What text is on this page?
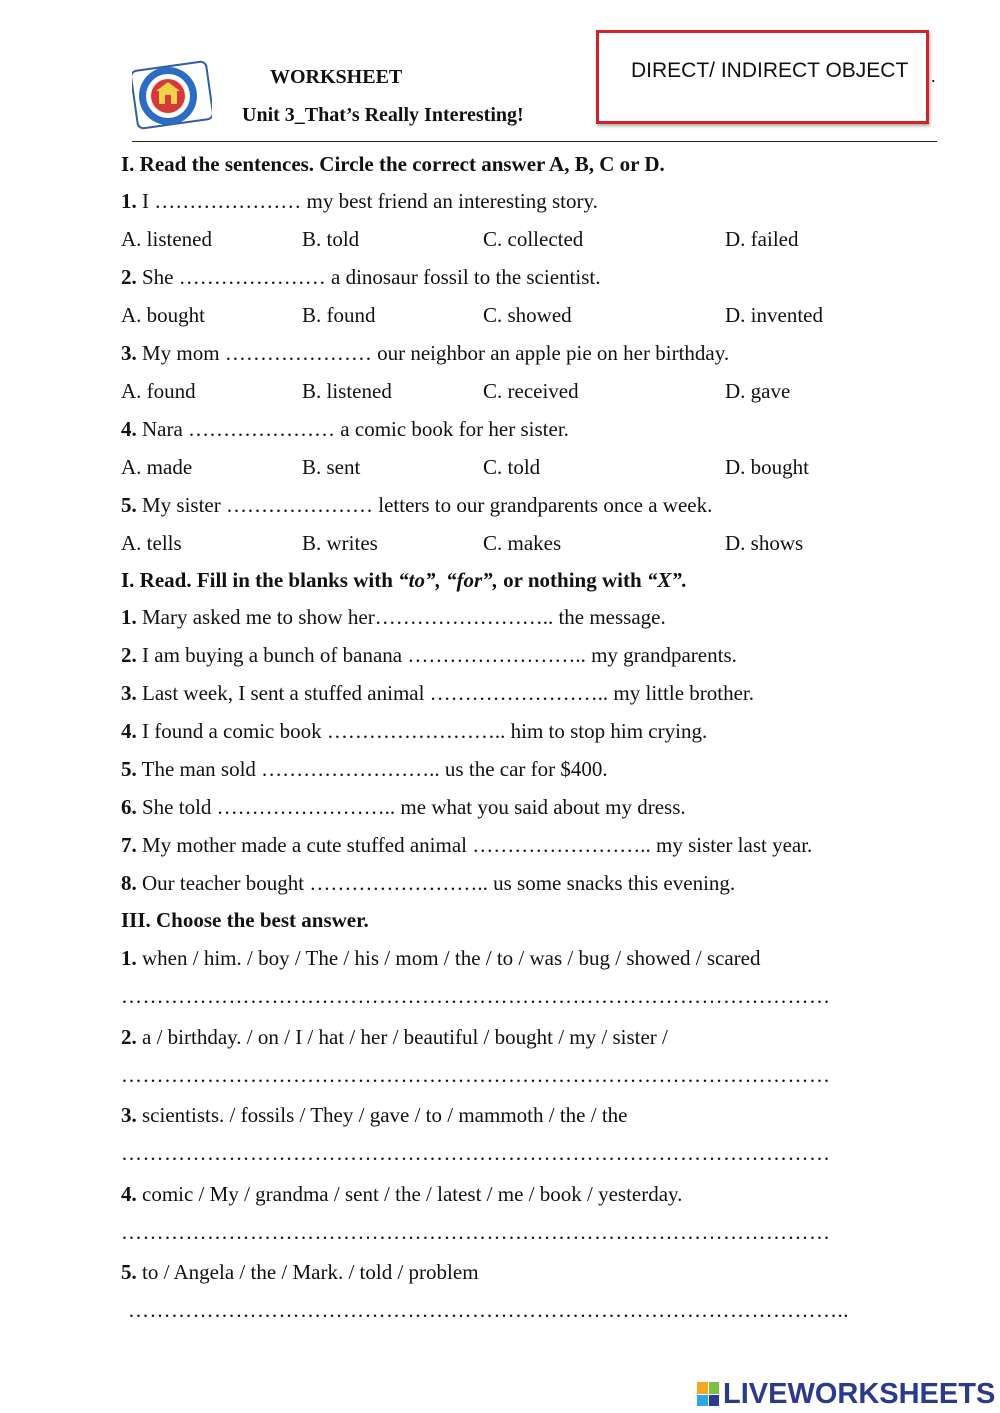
WORKSHEET
Unit 3_That’s Really Interesting!
DIRECT/ INDIRECT OBJECT .
I. Read the sentences. Circle the correct answer A, B, C or D.
1. I ………………… my best friend an interesting story.
A. listened	B. told	C. collected	D. failed
2. She ………………… a dinosaur fossil to the scientist.
A. bought	B. found	C. showed	D. invented
3. My mom ………………… our neighbor an apple pie on her birthday.
A. found	B. listened	C. received	D. gave
4. Nara ………………… a comic book for her sister.
A. made	B. sent	C. told	D. bought
5. My sister ………………… letters to our grandparents once a week.
A. tells	B. writes	C. makes	D. shows
I. Read. Fill in the blanks with “to”, “for”, or nothing with “X”.
1. Mary asked me to show her…………………….. the message.
2. I am buying a bunch of banana …………………….. my grandparents.
3. Last week, I sent a stuffed animal …………………….. my little brother.
4. I found a comic book …………………….. him to stop him crying.
5. The man sold …………………….. us the car for $400.
6. She told …………………….. me what you said about my dress.
7. My mother made a cute stuffed animal …………………….. my sister last year.
8. Our teacher bought …………………….. us some snacks this evening.
III. Choose the best answer.
1. when / him. / boy / The / his / mom / the / to / was / bug / showed / scared
………………………………………………………………………………………
2. a / birthday. / on / I / hat / her / beautiful / bought / my / sister /
………………………………………………………………………………………
3. scientists. / fossils / They / gave / to / mammoth / the / the
………………………………………………………………………………………
4. comic / My / grandma / sent / the / latest / me / book / yesterday.
………………………………………………………………………………………
5. to / Angela / the / Mark. / told / problem
………………………………………………………………………………………..
LIVEWORKSHEETS
